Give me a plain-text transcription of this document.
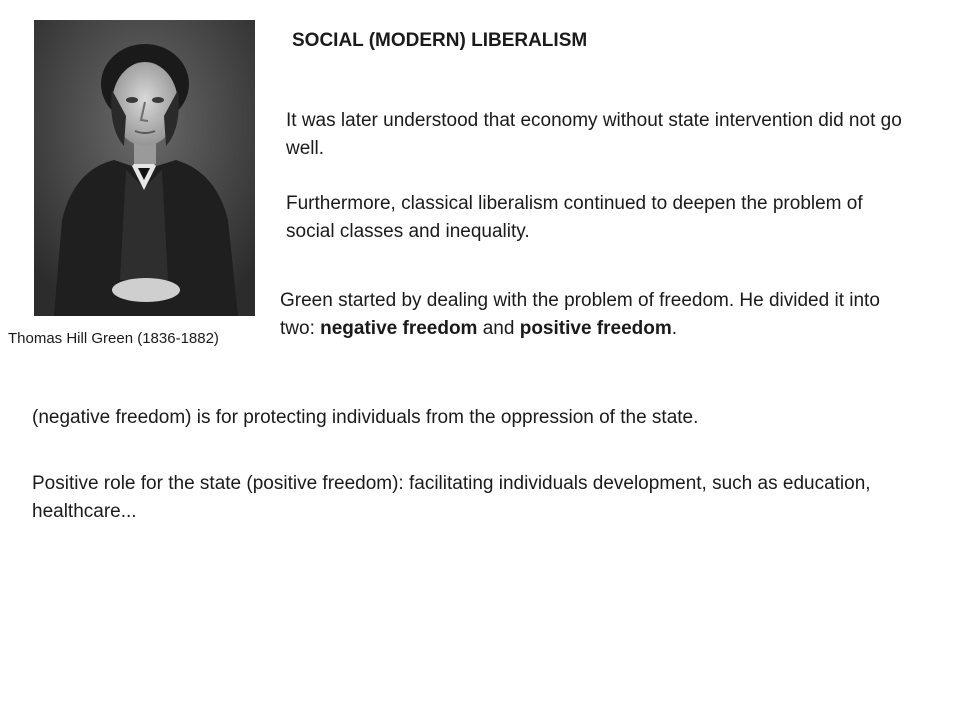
Thomas Hill Green (1836-1882)
SOCIAL (MODERN) LIBERALISM

It was later understood that economy without state intervention did not go well.

Furthermore, classical liberalism continued to deepen the problem of social classes and inequality.

Green started by dealing with the problem of freedom. He divided it into two: negative freedom and positive freedom.

(negative freedom) is for protecting individuals from the oppression of the state.

Positive role for the state (positive freedom): facilitating individuals development, such as education, healthcare...
